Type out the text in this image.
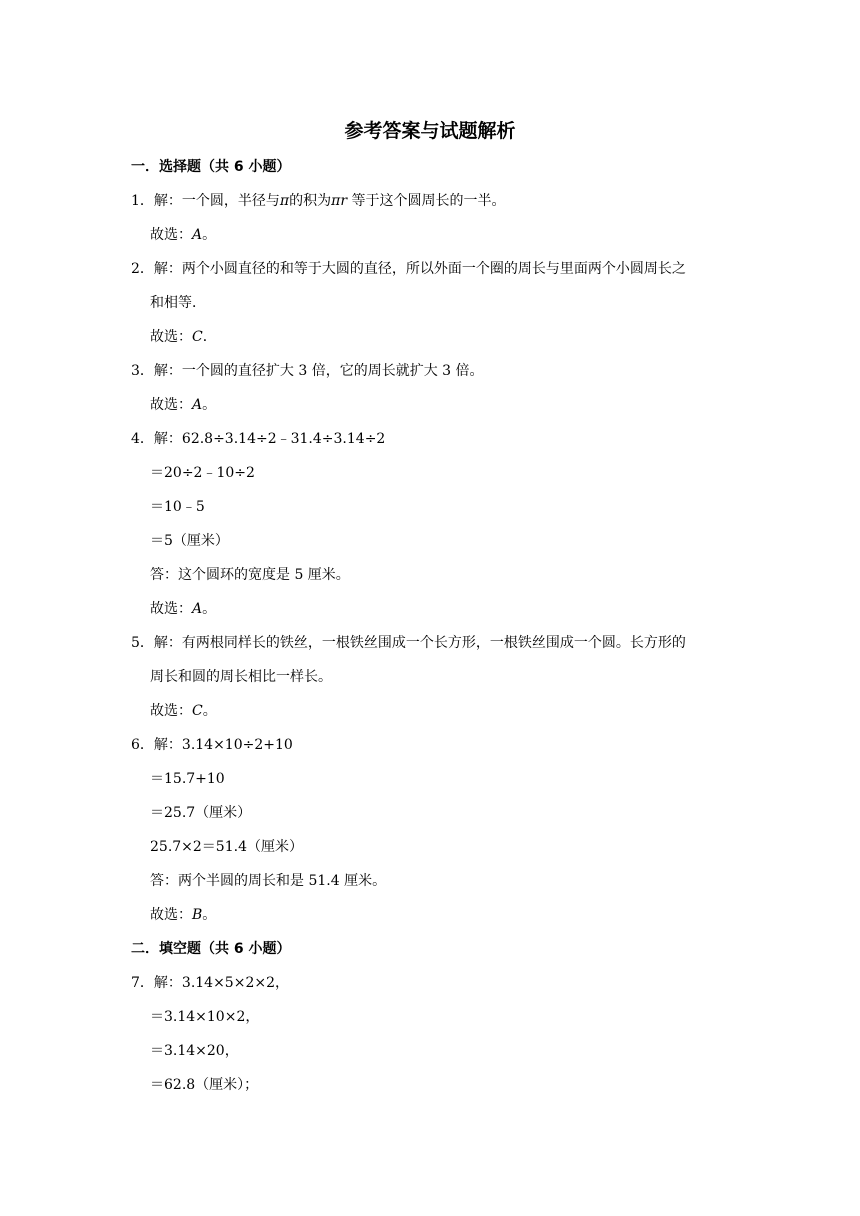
参考答案与试题解析
一．选择题（共 6 小题）
1．解：一个圆，半径与π的积为πr 等于这个圆周长的一半。
故选：A。
2．解：两个小圆直径的和等于大圆的直径，所以外面一个圈的周长与里面两个小圆周长之
和相等．
故选：C．
3．解：一个圆的直径扩大 3 倍，它的周长就扩大 3 倍。
故选：A。
4．解：62.8÷3.14÷2﹣31.4÷3.14÷2
＝20÷2﹣10÷2
＝10﹣5
＝5（厘米）
答：这个圆环的宽度是 5 厘米。
故选：A。
5．解：有两根同样长的铁丝，一根铁丝围成一个长方形，一根铁丝围成一个圆。长方形的
周长和圆的周长相比一样长。
故选：C。
6．解：3.14×10÷2+10
＝15.7+10
＝25.7（厘米）
25.7×2＝51.4（厘米）
答：两个半圆的周长和是 51.4 厘米。
故选：B。
二．填空题（共 6 小题）
7．解：3.14×5×2×2，
＝3.14×10×2，
＝3.14×20，
＝62.8（厘米）；
